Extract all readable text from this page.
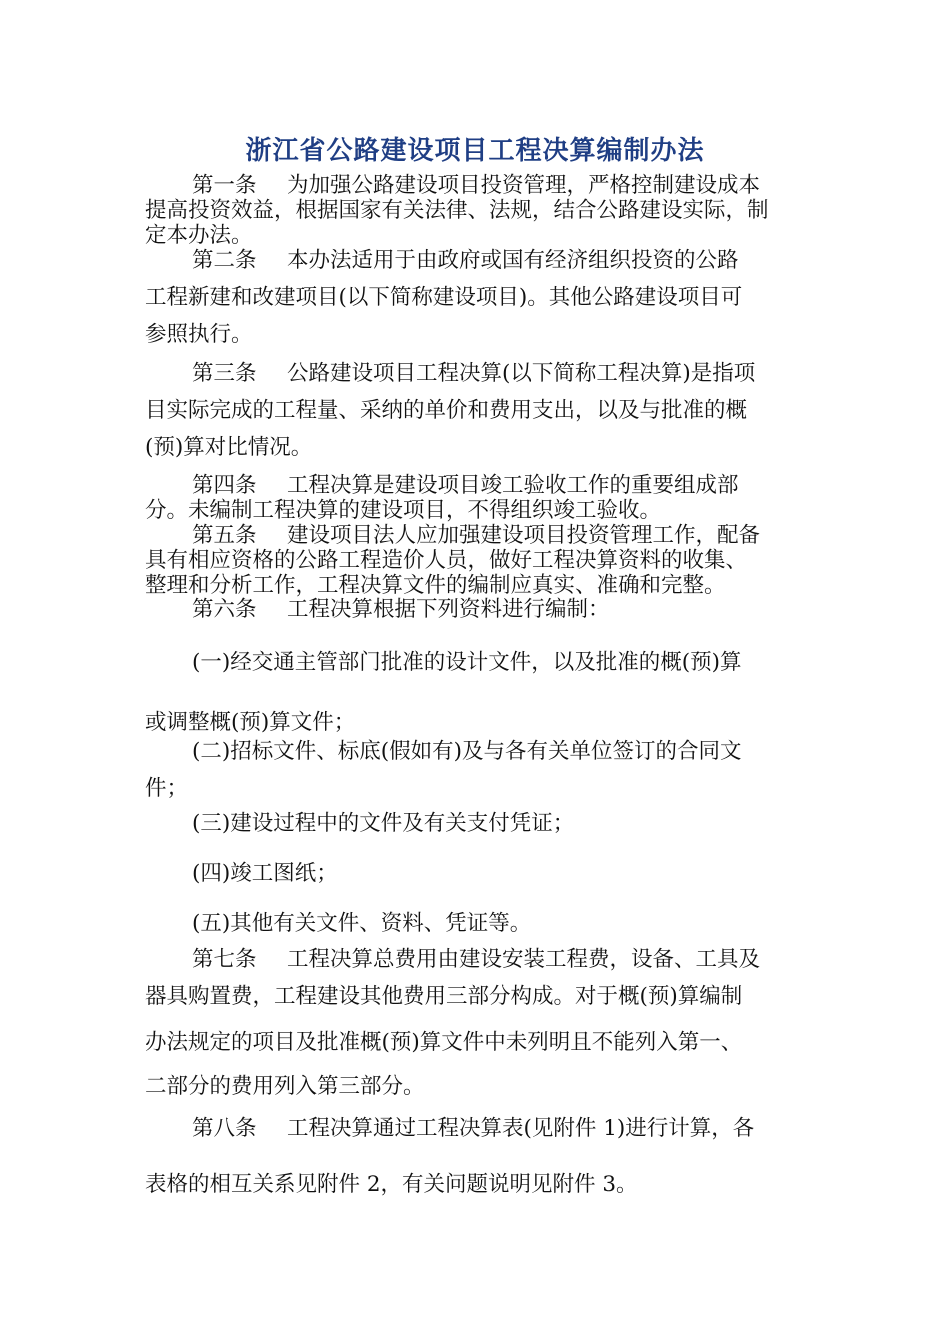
浙江省公路建设项目工程决算编制办法
第一条 为加强公路建设项目投资管理，严格控制建设成本
提高投资效益，根据国家有关法律、法规，结合公路建设实际，制
定本办法。
第二条 本办法适用于由政府或国有经济组织投资的公路
工程新建和改建项目(以下简称建设项目)。其他公路建设项目可
参照执行。
第三条 公路建设项目工程决算(以下简称工程决算)是指项
目实际完成的工程量、采纳的单价和费用支出，以及与批准的概
(预)算对比情况。
第四条 工程决算是建设项目竣工验收工作的重要组成部
分。未编制工程决算的建设项目，不得组织竣工验收。
第五条 建设项目法人应加强建设项目投资管理工作，配备
具有相应资格的公路工程造价人员，做好工程决算资料的收集、
整理和分析工作，工程决算文件的编制应真实、准确和完整。
第六条 工程决算根据下列资料进行编制：
(一)经交通主管部门批准的设计文件，以及批准的概(预)算
或调整概(预)算文件；
(二)招标文件、标底(假如有)及与各有关单位签订的合同文
件；
(三)建设过程中的文件及有关支付凭证；
(四)竣工图纸；
(五)其他有关文件、资料、凭证等。
第七条 工程决算总费用由建设安装工程费，设备、工具及
器具购置费，工程建设其他费用三部分构成。对于概(预)算编制
办法规定的项目及批准概(预)算文件中未列明且不能列入第一、
二部分的费用列入第三部分。
第八条 工程决算通过工程决算表(见附件 1)进行计算，各
表格的相互关系见附件 2，有关问题说明见附件 3。
